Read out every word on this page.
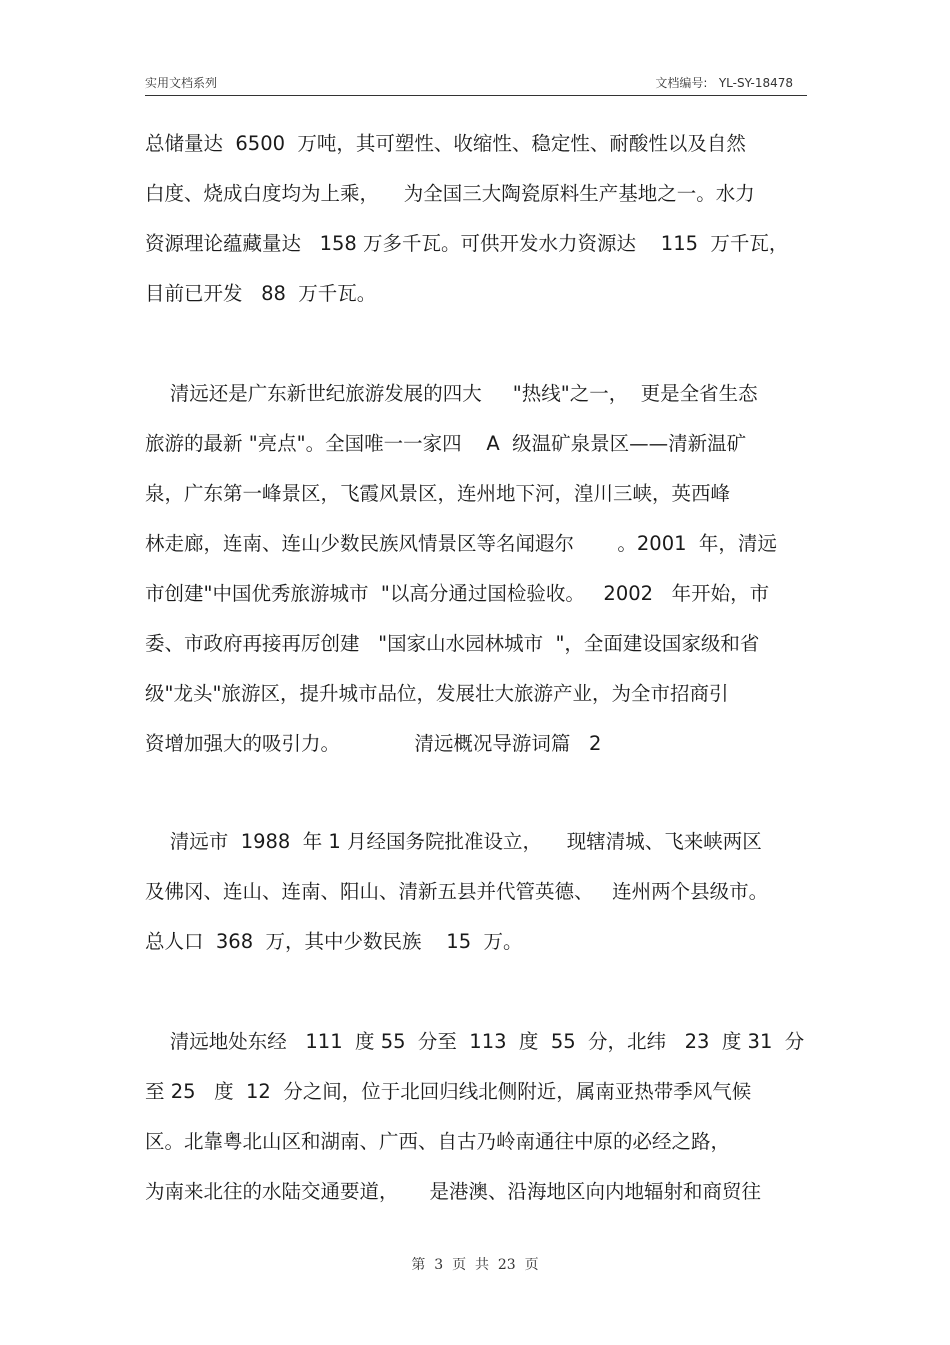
实用文档系列	文档编号:   YL-SY-18478
总储量达  6500  万吨，其可塑性、收缩性、稳定性、耐酸性以及自然
白度、烧成白度均为上乘，    为全国三大陶瓷原料生产基地之一。水力
资源理论蕴藏量达   158 万多千瓦。可供开发水力资源达    115  万千瓦，
目前已开发   88  万千瓦。
清远还是广东新世纪旅游发展的四大     "热线"之一，  更是全省生态
旅游的最新 "亮点"。全国唯一一家四    A  级温矿泉景区——清新温矿
泉，广东第一峰景区，飞霞风景区，连州地下河，湟川三峡，英西峰
林走廊，连南、连山少数民族风情景区等名闻遐尔       。2001  年，清远
市创建"中国优秀旅游城市  "以高分通过国检验收。   2002   年开始，市
委、市政府再接再厉创建   "国家山水园林城市  "，全面建设国家级和省
级"龙头"旅游区，提升城市品位，发展壮大旅游产业，为全市招商引
资增加强大的吸引力。            清远概况导游词篇   2
清远市  1988  年 1 月经国务院批准设立，    现辖清城、飞来峡两区
及佛冈、连山、连南、阳山、清新五县并代管英德、   连州两个县级市。
总人口  368  万，其中少数民族    15  万。
清远地处东经   111  度 55  分至  113  度  55  分，北纬   23  度 31  分
至 25   度  12  分之间，位于北回归线北侧附近，属南亚热带季风气候
区。北靠粤北山区和湖南、广西、自古乃岭南通往中原的必经之路，
为南来北往的水陆交通要道，     是港澳、沿海地区向内地辐射和商贸往
第  3  页  共  23  页
